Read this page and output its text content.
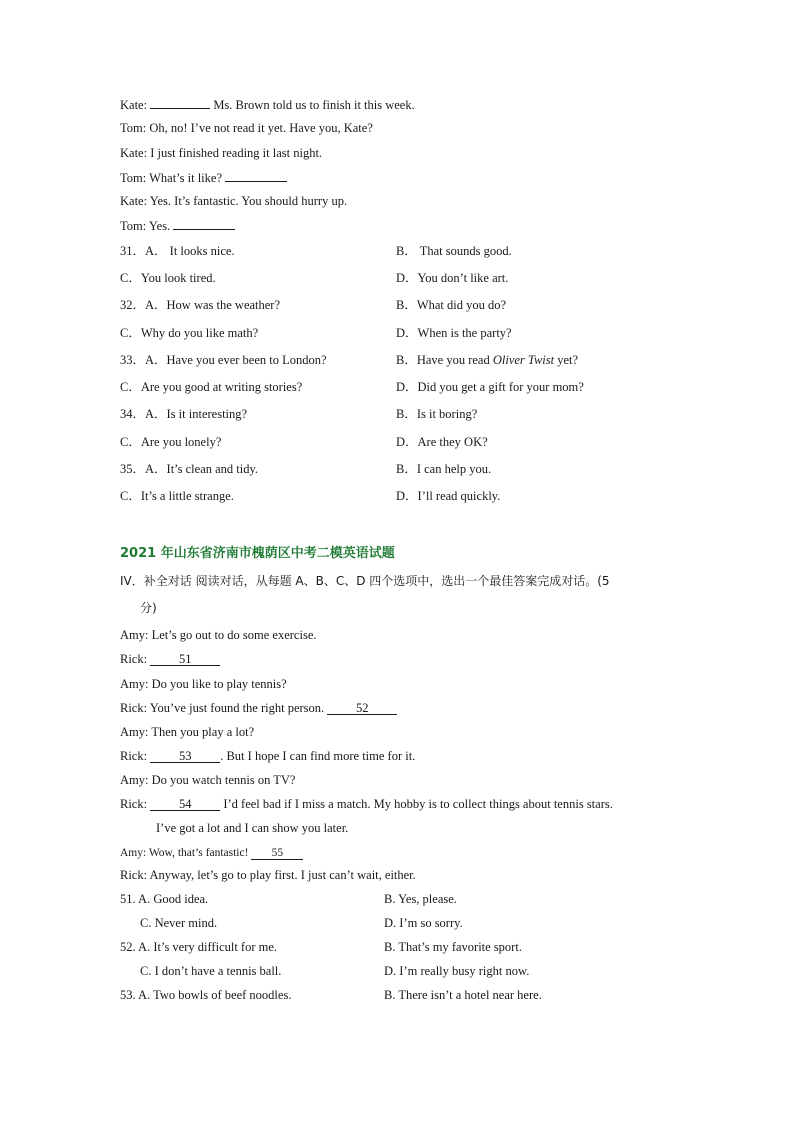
Kate:	Ms. Brown told us to finish it this week.
Tom: Oh, no! I’ve not read it yet. Have you, Kate?
Kate: I just finished reading it last night.
Tom: What’s it like?
Kate: Yes. It’s fantastic. You should hurry up.
Tom: Yes.
31．A． It looks nice.	B． That sounds good.
C．You look tired.	D．You don’t like art.
32．A．How was the weather?	B．What did you do?
C．Why do you like math?	D．When is the party?
33．A．Have you ever been to London?	B．Have you read Oliver Twist yet?
C．Are you good at writing stories?	D．Did you get a gift for your mom?
34．A．Is it interesting?	B．Is it boring?
C．Are you lonely?	D．Are they OK?
35．A．It’s clean and tidy.	B．I can help you.
C．It’s a little strange.	D．I’ll read quickly.
2021 年山东省济南市槐荫区中考二模英语试题
IV．补全对话 阅读对话，从每题 A、B、C、D 四个选项中，选出一个最佳答案完成对话。(5
分)
Amy: Let’s go out to do some exercise.
Rick: 51
Amy: Do you like to play tennis?
Rick: You’ve just found the right person. 52
Amy: Then you play a lot?
Rick: 53 . But I hope I can find more time for it.
Amy: Do you watch tennis on TV?
Rick: 54 I’d feel bad if I miss a match. My hobby is to collect things about tennis stars.
I’ve got a lot and I can show you later.
Amy: Wow, that’s fantastic! 55
Rick: Anyway, let’s go to play first. I just can’t wait, either.
51. A. Good idea.	B. Yes, please.
C. Never mind.	D. I’m so sorry.
52. A. It’s very difficult for me.	B. That’s my favorite sport.
C. I don’t have a tennis ball.	D. I’m really busy right now.
53. A. Two bowls of beef noodles.	B. There isn’t a hotel near here.
